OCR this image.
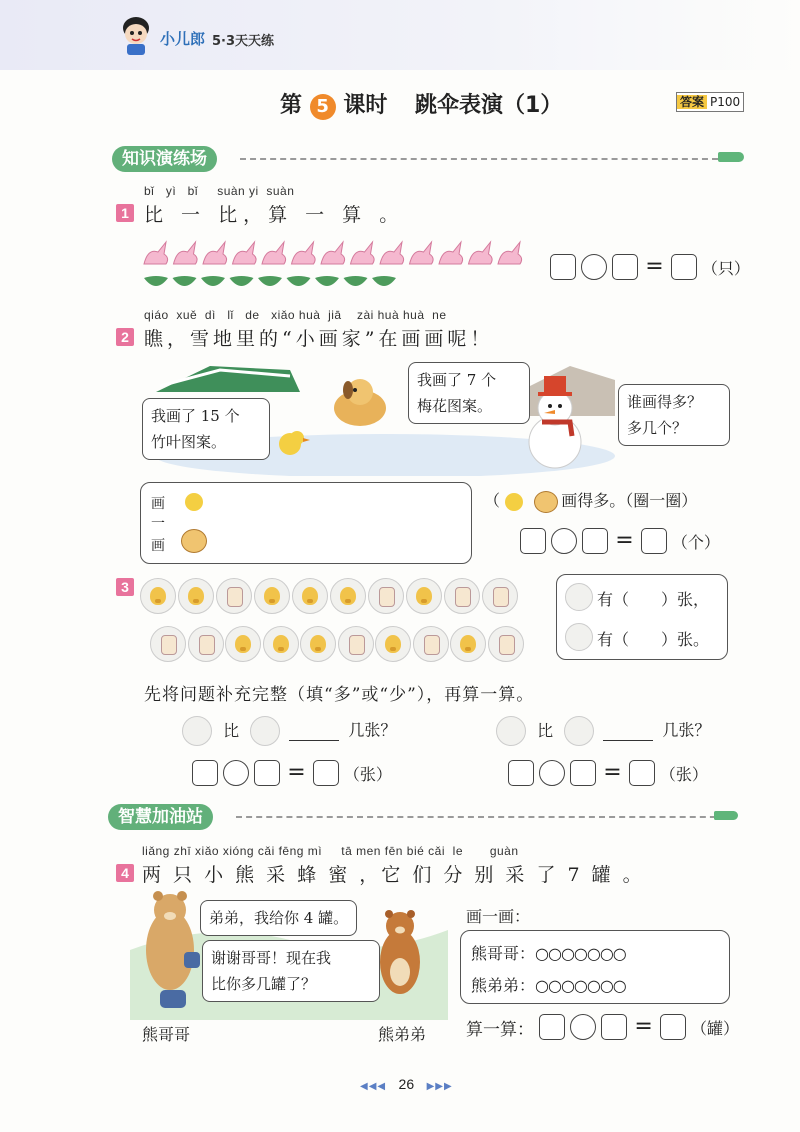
小儿郎 5·3天天练
第 5 课时 跳伞表演（1）	答案 P100
知识演练场
bǐ   yì   bǐ     suàn yi  suàn
1 比 一 比，算 一 算 。
= （只）
qiáo  xuě  dì   lǐ   de   xiǎo huà  jiā    zài huà huà  ne
2 瞧，雪地里的“小画家”在画画呢！
我画了 15 个
竹叶图案。
我画了 7 个
梅花图案。	谁画得多？
多几个？
画
一
画
（	画得多。（圈一圈）
= （个）
3
有（　　）张，
有（　　）张。
先将问题补充完整（填“多”或“少”），再算一算。
比	几张？	比	几张？
= （张）	= （张）
智慧加油站
liǎng zhī xiǎo xióng cǎi fēng mì     tā men fēn bié cǎi  le       guàn
4 两 只 小 熊 采 蜂 蜜 ，它 们 分 别 采 了 7 罐 。
弟弟，我给你 4 罐。
谢谢哥哥！现在我
比你多几罐了？
熊哥哥	熊弟弟
画一画：
熊哥哥：○○○○○○○
熊弟弟：○○○○○○○
算一算：	= （罐）
◀◀◀ 26 ▶▶▶
